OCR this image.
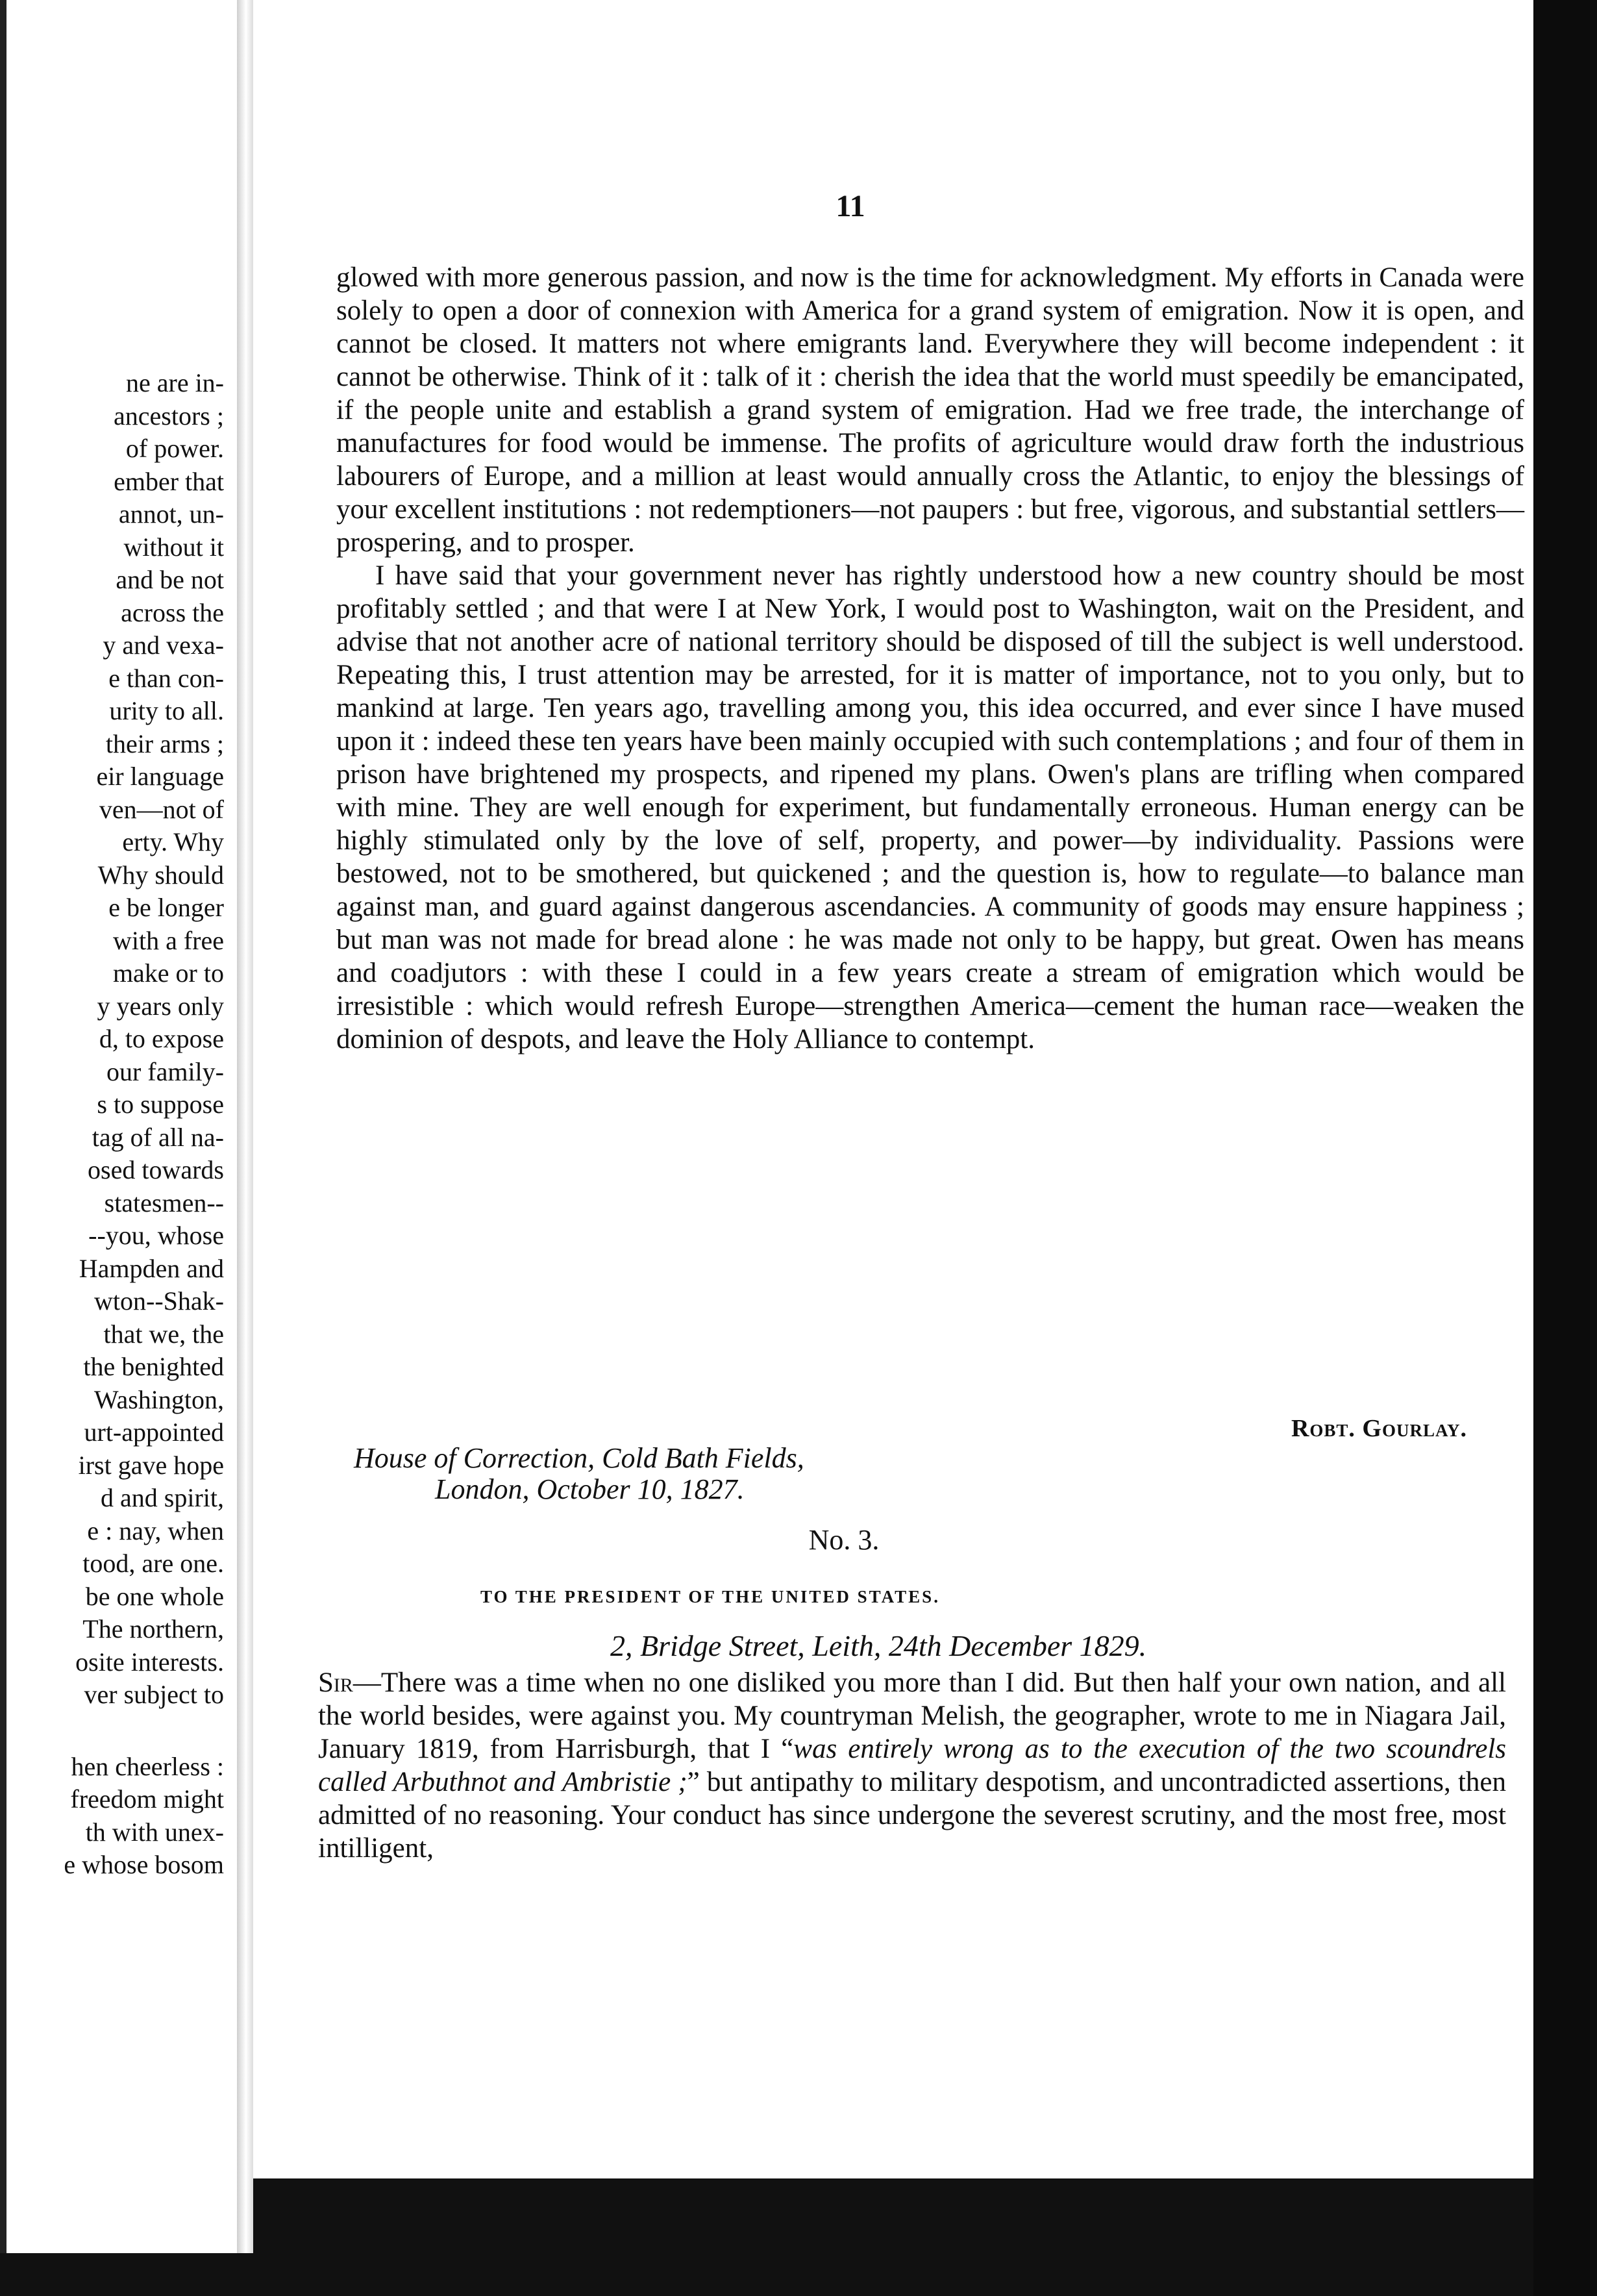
ne are in-
ancestors ;
of power.
ember that
annot, un-
without it
and be not
across the
y and vexa-
e than con-
urity to all.
their arms ;
eir language
ven—not of
erty. Why
Why should
e be longer
with a free
make or to
y years only
d, to expose
our family-
s to suppose
tag of all na-
osed towards
statesmen--
--you, whose
Hampden and
wton--Shak-
that we, the
the benighted
Washington,
urt-appointed
irst gave hope
d and spirit,
e : nay, when
tood, are one.
be one whole
The northern,
osite interests.
ver subject to
hen cheerless :
freedom might
th with unex-
e whose bosom
11

glowed with more generous passion, and now is the time for acknowledgment. My efforts in Canada were solely to open a door of connexion with America for a grand system of emigration. Now it is open, and cannot be closed. It matters not where emigrants land. Everywhere they will become independent : it cannot be otherwise. Think of it : talk of it : cherish the idea that the world must speedily be emancipated, if the people unite and establish a grand system of emigration. Had we free trade, the interchange of manufactures for food would be immense. The profits of agriculture would draw forth the industrious labourers of Europe, and a million at least would annually cross the Atlantic, to enjoy the blessings of your excellent institutions : not redemptioners—not paupers : but free, vigorous, and substantial settlers—prospering, and to prosper.

I have said that your government never has rightly understood how a new country should be most profitably settled ; and that were I at New York, I would post to Washington, wait on the President, and advise that not another acre of national territory should be disposed of till the subject is well understood. Repeating this, I trust attention may be arrested, for it is matter of importance, not to you only, but to mankind at large. Ten years ago, travelling among you, this idea occurred, and ever since I have mused upon it : indeed these ten years have been mainly occupied with such contemplations ; and four of them in prison have brightened my prospects, and ripened my plans. Owen's plans are trifling when compared with mine. They are well enough for experiment, but fundamentally erroneous. Human energy can be highly stimulated only by the love of self, property, and power—by individuality. Passions were bestowed, not to be smothered, but quickened ; and the question is, how to regulate—to balance man against man, and guard against dangerous ascendancies. A community of goods may ensure happiness ; but man was not made for bread alone : he was made not only to be happy, but great. Owen has means and coadjutors : with these I could in a few years create a stream of emigration which would be irresistible : which would refresh Europe—strengthen America—cement the human race—weaken the dominion of despots, and leave the Holy Alliance to contempt.

Robt. Gourlay.
House of Correction, Cold Bath Fields,
London, October 10, 1827.
No. 3.
TO THE PRESIDENT OF THE UNITED STATES.
2, Bridge Street, Leith, 24th December 1829.
Sir—There was a time when no one disliked you more than I did. But then half your own nation, and all the world besides, were against you. My countryman Melish, the geographer, wrote to me in Niagara Jail, January 1819, from Harrisburgh, that I “was entirely wrong as to the execution of the two scoundrels called Arbuthnot and Ambristie ;” but antipathy to military despotism, and uncontradicted assertions, then admitted of no reasoning. Your conduct has since undergone the severest scrutiny, and the most free, most intilligent,
